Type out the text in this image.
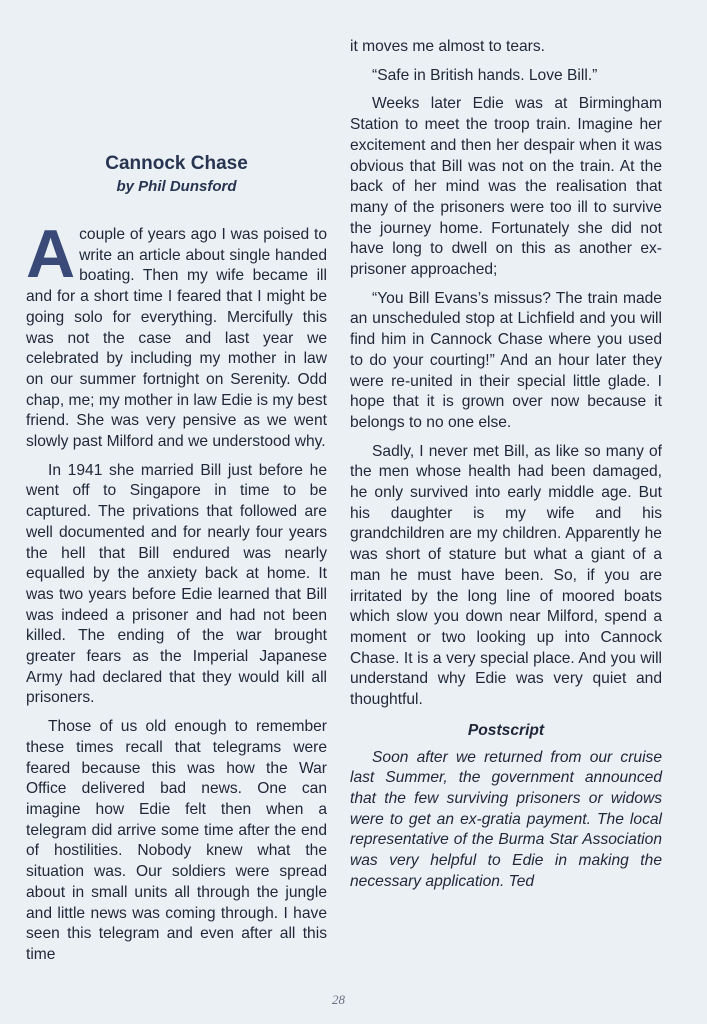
Cannock Chase
by Phil Dunsford

Acouple of years ago I was poised to write an article about single handed boating. Then my wife became ill and for a short time I feared that I might be going solo for everything. Mercifully this was not the case and last year we celebrated by including my mother in law on our summer fortnight on Serenity. Odd chap, me; my mother in law Edie is my best friend. She was very pensive as we went slowly past Milford and we understood why.

In 1941 she married Bill just before he went off to Singapore in time to be captured. The privations that followed are well documented and for nearly four years the hell that Bill endured was nearly equalled by the anxiety back at home. It was two years before Edie learned that Bill was indeed a prisoner and had not been killed. The ending of the war brought greater fears as the Imperial Japanese Army had declared that they would kill all prisoners.

Those of us old enough to remember these times recall that telegrams were feared because this was how the War Office delivered bad news. One can imagine how Edie felt then when a telegram did arrive some time after the end of hostilities. Nobody knew what the situation was. Our soldiers were spread about in small units all through the jungle and little news was coming through. I have seen this telegram and even after all this time

it moves me almost to tears.

“Safe in British hands. Love Bill.”

Weeks later Edie was at Birmingham Station to meet the troop train. Imagine her excitement and then her despair when it was obvious that Bill was not on the train. At the back of her mind was the realisation that many of the prisoners were too ill to survive the journey home. Fortunately she did not have long to dwell on this as another ex-prisoner approached;

“You Bill Evans’s missus? The train made an unscheduled stop at Lichfield and you will find him in Cannock Chase where you used to do your courting!” And an hour later they were re-united in their special little glade. I hope that it is grown over now because it belongs to no one else.

Sadly, I never met Bill, as like so many of the men whose health had been damaged, he only survived into early middle age. But his daughter is my wife and his grandchildren are my children. Apparently he was short of stature but what a giant of a man he must have been. So, if you are irritated by the long line of moored boats which slow you down near Milford, spend a moment or two looking up into Cannock Chase. It is a very special place. And you will understand why Edie was very quiet and thoughtful.

Postscript

Soon after we returned from our cruise last Summer, the government announced that the few surviving prisoners or widows were to get an ex-gratia payment. The local representative of the Burma Star Association was very helpful to Edie in making the necessary application. Ted

28
